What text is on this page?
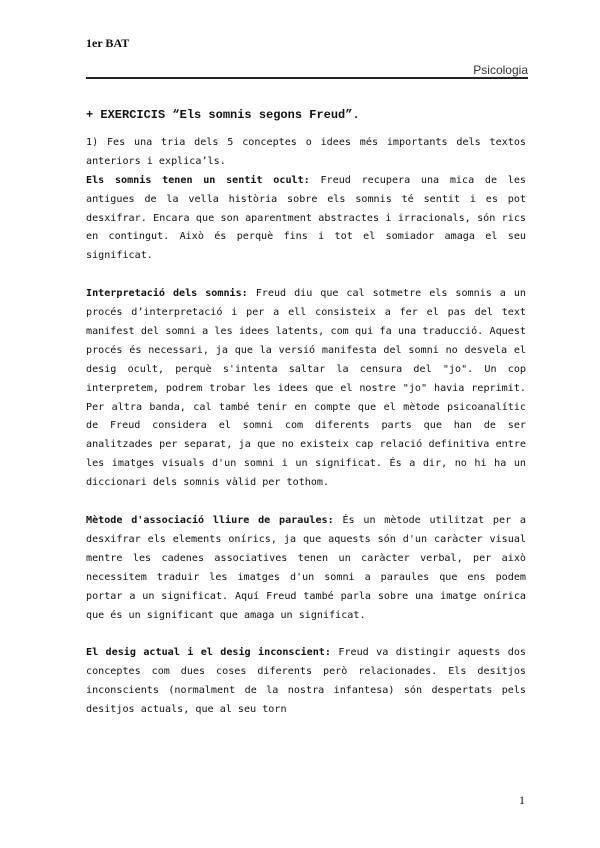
1er BAT
Psicologia

+ EXERCICIS “Els somnis segons Freud”.

1) Fes una tria dels 5 conceptes o idees més importants dels textos anteriors i explica’ls.

Els somnis tenen un sentit ocult: Freud recupera una mica de les antigues de la vella història sobre els somnis té sentit i es pot desxifrar. Encara que son aparentment abstractes i irracionals, són rics en contingut. Això és perquè fins i tot el somiador amaga el seu significat.

Interpretació dels somnis: Freud diu que cal sotmetre els somnis a un procés d’interpretació i per a ell consisteix a fer el pas del text manifest del somni a les idees latents, com qui fa una traducció. Aquest procés és necessari, ja que la versió manifesta del somni no desvela el desig ocult, perquè s'intenta saltar la censura del "jo". Un cop interpretem, podrem trobar les idees que el nostre "jo" havia reprimit. Per altra banda, cal també tenir en compte que el mètode psicoanalític de Freud considera el somni com diferents parts que han de ser analitzades per separat, ja que no existeix cap relació definitiva entre les imatges visuals d'un somni i un significat. És a dir, no hi ha un diccionari dels somnis vàlid per tothom.

Mètode d'associació lliure de paraules: És un mètode utilitzat per a desxifrar els elements onírics, ja que aquests són d'un caràcter visual mentre les cadenes associatives tenen un caràcter verbal, per això necessitem traduir les imatges d'un somni a paraules que ens podem portar a un significat. Aquí Freud també parla sobre una imatge onírica que és un significant que amaga un significat.

El desig actual i el desig inconscient: Freud va distingir aquests dos conceptes com dues coses diferents però relacionades. Els desitjos inconscients (normalment de la nostra infantesa) són despertats pels desitjos actuals, que al seu torn

1
